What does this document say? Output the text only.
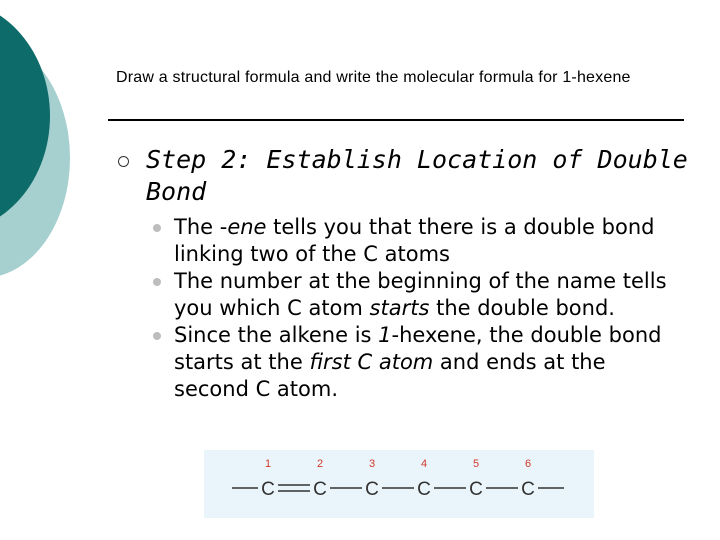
Draw a structural formula and write the molecular formula for 1-hexene
Step 2: Establish Location of Double Bond
The -ene tells you that there is a double bond linking two of the C atoms
The number at the beginning of the name tells you which C atom starts the double bond.
Since the alkene is 1-hexene, the double bond starts at the first C atom and ends at the second C atom.
1	2	3	4	5	6
C C C C C C
